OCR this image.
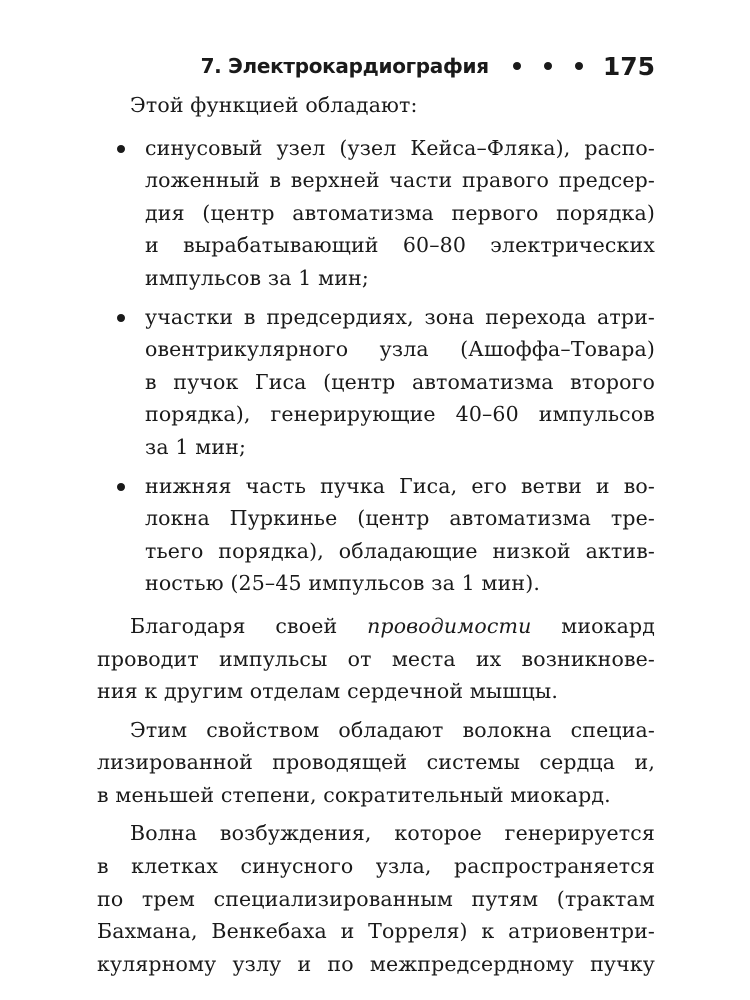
7. Электрокардиография	175
Этой функцией обладают:
синусовый узел (узел Кейса–Фляка), распо-
ложенный в верхней части правого предсер-
дия (центр автоматизма первого порядка)
и вырабатывающий 60–80 электрических
импульсов за 1 мин;
участки в предсердиях, зона перехода атри-
овентрикулярного узла (Ашоффа–Товара)
в пучок Гиса (центр автоматизма второго
порядка), генерирующие 40–60 импульсов
за 1 мин;
нижняя часть пучка Гиса, его ветви и во-
локна Пуркинье (центр автоматизма тре-
тьего порядка), обладающие низкой актив-
ностью (25–45 импульсов за 1 мин).
Благодаря своей проводимости миокард
проводит импульсы от места их возникнове-
ния к другим отделам сердечной мышцы.
Этим свойством обладают волокна специа-
лизированной проводящей системы сердца и,
в меньшей степени, сократительный миокард.
Волна возбуждения, которое генерируется
в клетках синусного узла, распространяется
по трем специализированным путям (трактам
Бахмана, Венкебаха и Торреля) к атриовентри-
кулярному узлу и по межпредсердному пучку
